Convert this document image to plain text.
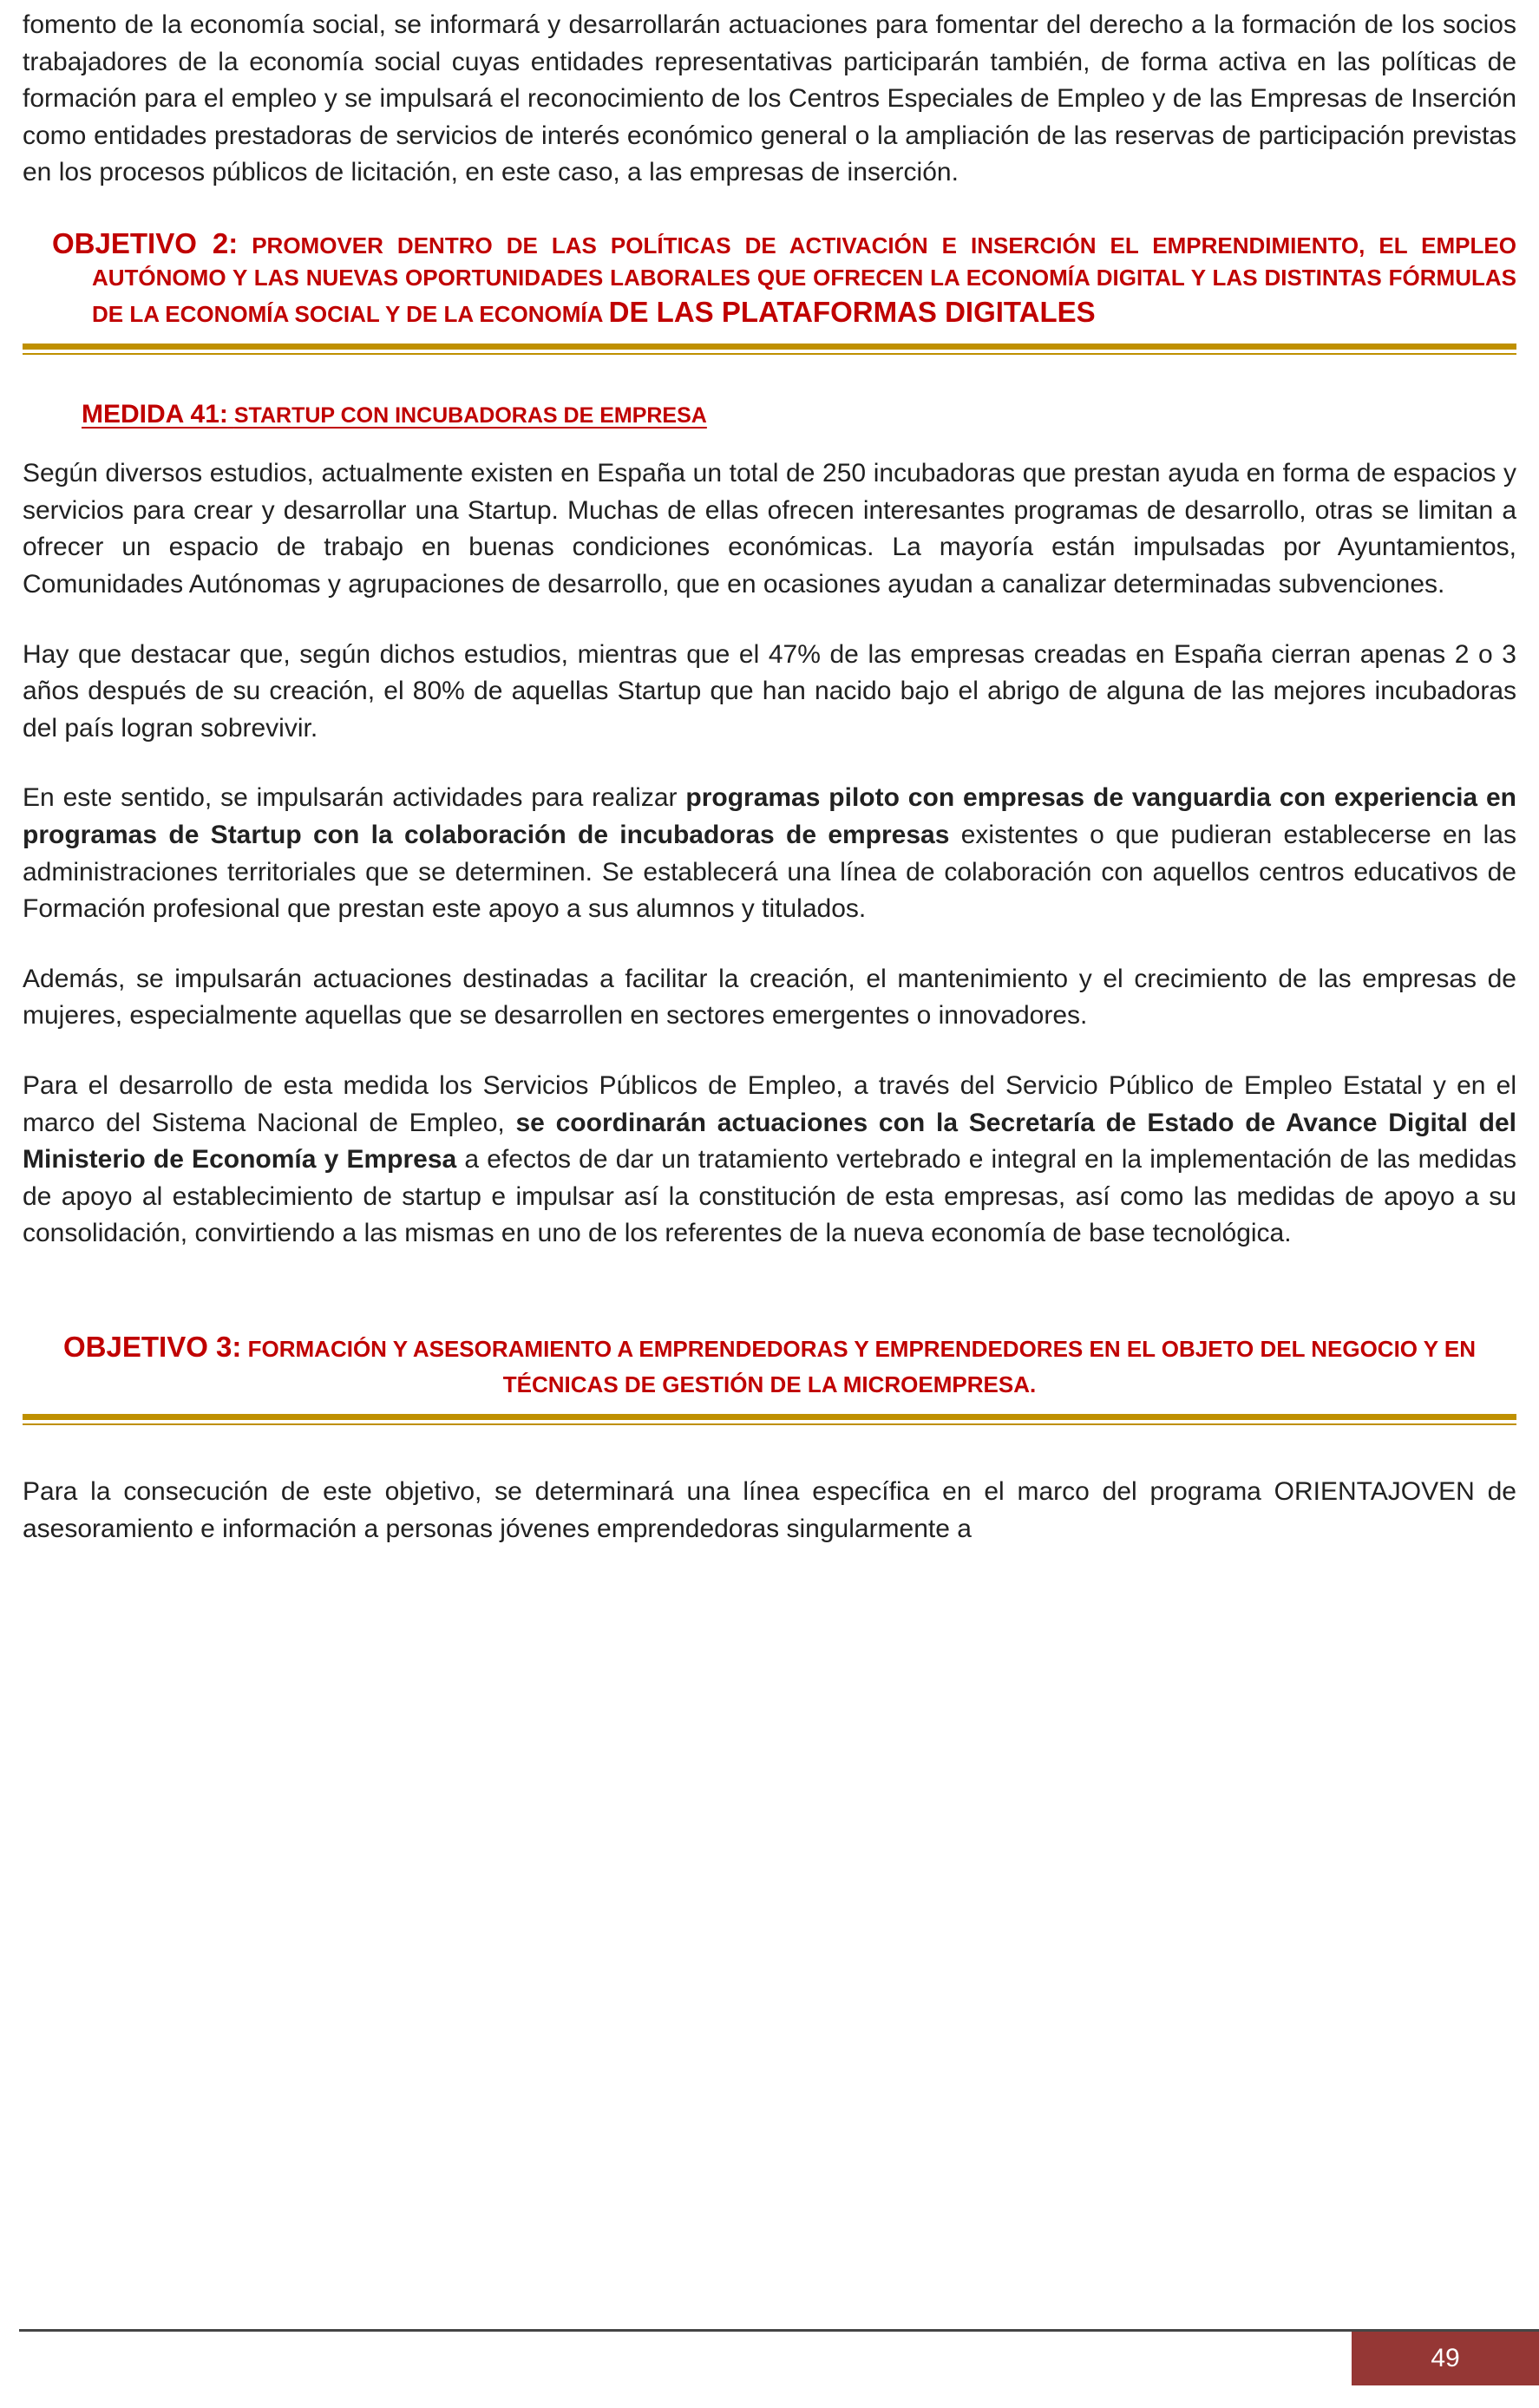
fomento de la economía social, se informará y desarrollarán actuaciones para fomentar del derecho a la formación de los socios trabajadores de la economía social cuyas entidades representativas participarán también, de forma activa en las políticas de formación para el empleo y se impulsará el reconocimiento de los Centros Especiales de Empleo y de las Empresas de Inserción como entidades prestadoras de servicios de interés económico general o la ampliación de las reservas de participación previstas en los procesos públicos de licitación, en este caso, a las empresas de inserción.

OBJETIVO 2: PROMOVER DENTRO DE LAS POLÍTICAS DE ACTIVACIÓN E INSERCIÓN EL EMPRENDIMIENTO, EL EMPLEO AUTÓNOMO Y LAS NUEVAS OPORTUNIDADES LABORALES QUE OFRECEN LA ECONOMÍA DIGITAL Y LAS DISTINTAS FÓRMULAS DE LA ECONOMÍA SOCIAL Y DE LA ECONOMÍA DE LAS PLATAFORMAS DIGITALES
MEDIDA 41: STARTUP CON INCUBADORAS DE EMPRESA

Según diversos estudios, actualmente existen en España un total de 250 incubadoras que prestan ayuda en forma de espacios y servicios para crear y desarrollar una Startup. Muchas de ellas ofrecen interesantes programas de desarrollo, otras se limitan a ofrecer un espacio de trabajo en buenas condiciones económicas. La mayoría están impulsadas por Ayuntamientos, Comunidades Autónomas y agrupaciones de desarrollo, que en ocasiones ayudan a canalizar determinadas subvenciones.

Hay que destacar que, según dichos estudios, mientras que el 47% de las empresas creadas en España cierran apenas 2 o 3 años después de su creación, el 80% de aquellas Startup que han nacido bajo el abrigo de alguna de las mejores incubadoras del país logran sobrevivir.

En este sentido, se impulsarán actividades para realizar programas piloto con empresas de vanguardia con experiencia en programas de Startup con la colaboración de incubadoras de empresas existentes o que pudieran establecerse en las administraciones territoriales que se determinen. Se establecerá una línea de colaboración con aquellos centros educativos de Formación profesional que prestan este apoyo a sus alumnos y titulados.

Además, se impulsarán actuaciones destinadas a facilitar la creación, el mantenimiento y el crecimiento de las empresas de mujeres, especialmente aquellas que se desarrollen en sectores emergentes o innovadores.

Para el desarrollo de esta medida los Servicios Públicos de Empleo, a través del Servicio Público de Empleo Estatal y en el marco del Sistema Nacional de Empleo, se coordinarán actuaciones con la Secretaría de Estado de Avance Digital del Ministerio de Economía y Empresa a efectos de dar un tratamiento vertebrado e integral en la implementación de las medidas de apoyo al establecimiento de startup e impulsar así la constitución de esta empresas, así como las medidas de apoyo a su consolidación, convirtiendo a las mismas en uno de los referentes de la nueva economía de base tecnológica.

OBJETIVO 3: FORMACIÓN Y ASESORAMIENTO A EMPRENDEDORAS Y EMPRENDEDORES EN EL OBJETO DEL NEGOCIO Y EN TÉCNICAS DE GESTIÓN DE LA MICROEMPRESA.

Para la consecución de este objetivo, se determinará una línea específica en el marco del programa ORIENTAJOVEN de asesoramiento e información a personas jóvenes emprendedoras singularmente a

49
